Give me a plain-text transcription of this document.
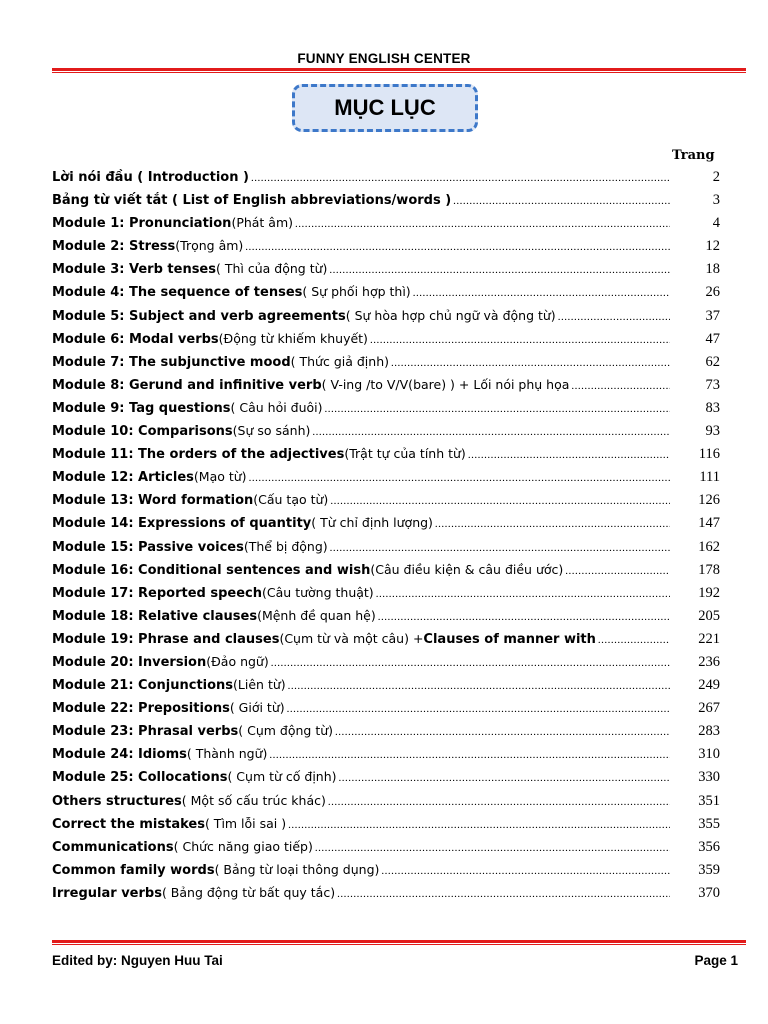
FUNNY ENGLISH CENTER
MỤC LỤC
Trang
Lời nói đầu ( Introduction ) .....	2
Bảng từ viết tắt ( List of English abbreviations/words ) .....	3
Module 1: Pronunciation (Phát âm) .....	4
Module 2: Stress (Trọng âm) .....	12
Module 3: Verb tenses ( Thì của động từ) .....	18
Module 4: The sequence of tenses ( Sự phối hợp thì) .....	26
Module 5: Subject and verb agreements ( Sự hòa hợp chủ ngữ và động từ) .....	37
Module 6: Modal verbs (Động từ khiếm khuyết) .....	47
Module 7: The subjunctive mood ( Thức giả định) .....	62
Module 8: Gerund and infinitive verb ( V-ing /to V/V(bare) ) + Lối nói phụ họa .....	73
Module 9: Tag questions ( Câu hỏi đuôi) .....	83
Module 10: Comparisons (Sự so sánh) .....	93
Module 11: The orders of the adjectives (Trật tự của tính từ) .....	116
Module 12: Articles (Mạo từ) .....	111
Module 13: Word formation (Cấu tạo từ) .....	126
Module 14: Expressions of quantity ( Từ chỉ định lượng) .....	147
Module 15: Passive voices (Thể bị động) .....	162
Module 16: Conditional sentences and wish (Câu điều kiện & câu điều ước) .....	178
Module 17: Reported speech (Câu tường thuật) .....	192
Module 18: Relative clauses (Mệnh đề quan hệ) .....	205
Module 19: Phrase and clauses (Cụm từ và một câu) + Clauses of manner with .....	221
Module 20: Inversion (Đảo ngữ) .....	236
Module 21: Conjunctions (Liên từ) .....	249
Module 22: Prepositions ( Giới từ) .....	267
Module 23: Phrasal verbs ( Cụm động từ) .....	283
Module 24: Idioms ( Thành ngữ) .....	310
Module 25: Collocations ( Cụm từ cố định) .....	330
Others structures ( Một số cấu trúc khác) .....	351
Correct the mistakes ( Tìm lỗi sai ) .....	355
Communications ( Chức năng giao tiếp) .....	356
Common family words ( Bảng từ loại thông dụng) .....	359
Irregular verbs ( Bảng động từ bất quy tắc) .....	370
Edited by: Nguyen Huu Tai	Page 1
